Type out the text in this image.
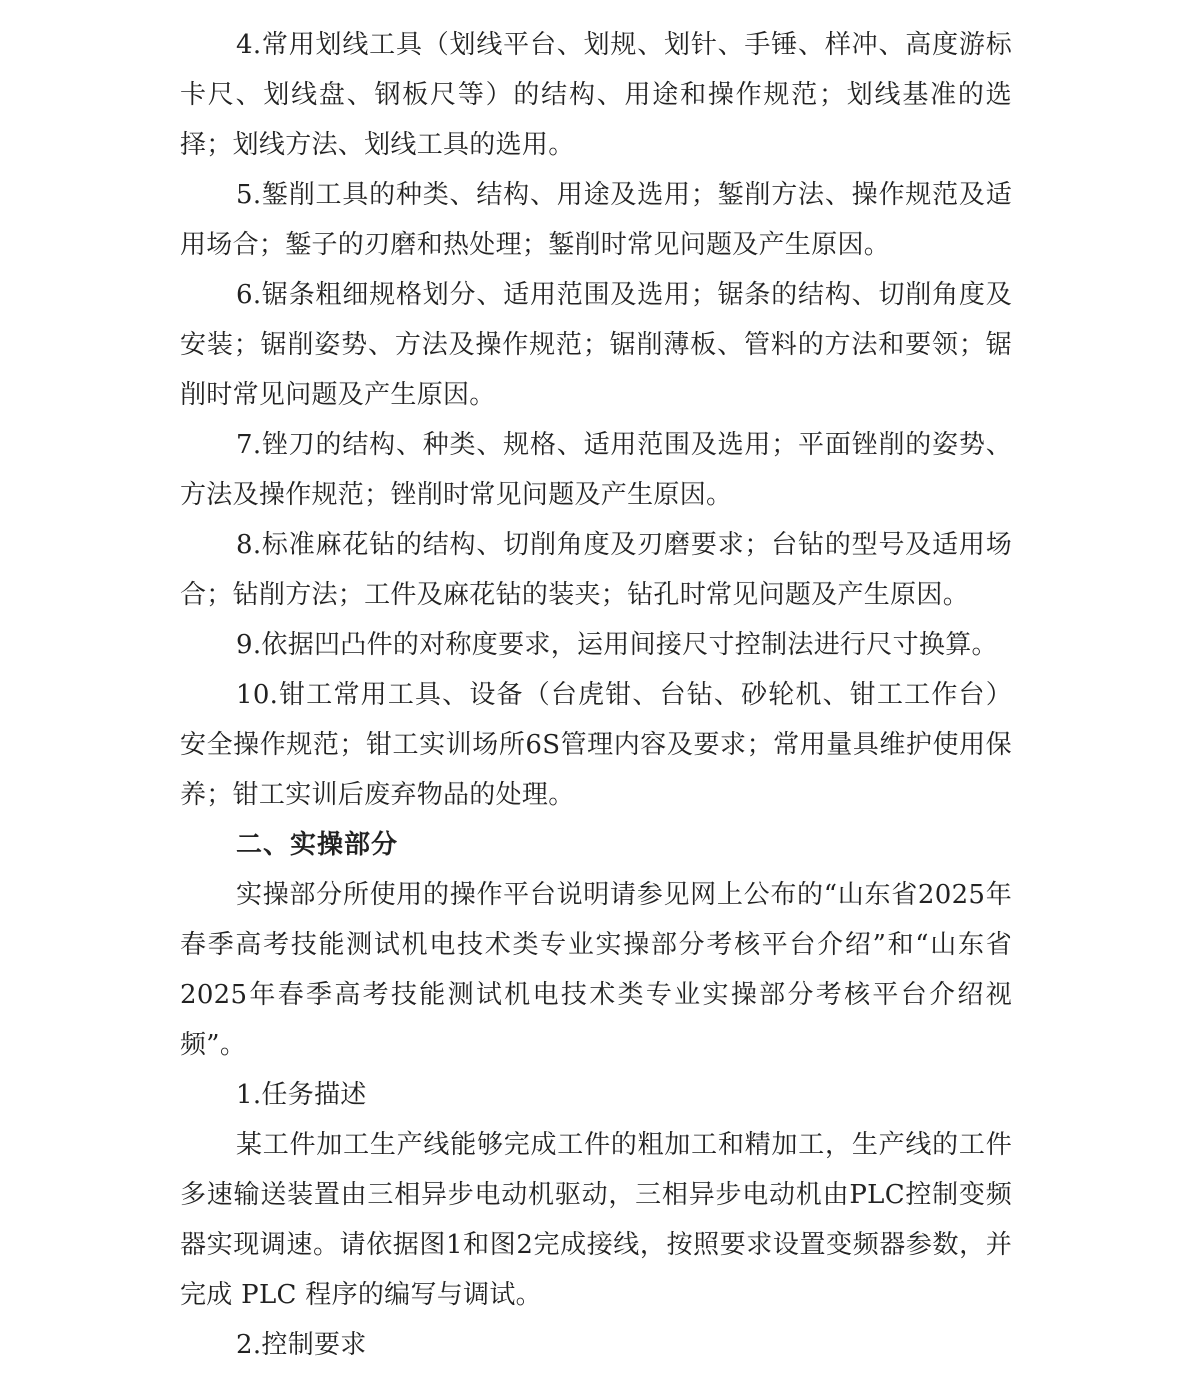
4.常用划线工具（划线平台、划规、划针、手锤、样冲、高度游标卡尺、划线盘、钢板尺等）的结构、用途和操作规范；划线基准的选择；划线方法、划线工具的选用。

5.錾削工具的种类、结构、用途及选用；錾削方法、操作规范及适用场合；錾子的刃磨和热处理；錾削时常见问题及产生原因。

6.锯条粗细规格划分、适用范围及选用；锯条的结构、切削角度及安装；锯削姿势、方法及操作规范；锯削薄板、管料的方法和要领；锯削时常见问题及产生原因。

7.锉刀的结构、种类、规格、适用范围及选用；平面锉削的姿势、方法及操作规范；锉削时常见问题及产生原因。

8.标准麻花钻的结构、切削角度及刃磨要求；台钻的型号及适用场合；钻削方法；工件及麻花钻的装夹；钻孔时常见问题及产生原因。

9.依据凹凸件的对称度要求，运用间接尺寸控制法进行尺寸换算。

10.钳工常用工具、设备（台虎钳、台钻、砂轮机、钳工工作台）安全操作规范；钳工实训场所6S管理内容及要求；常用量具维护使用保养；钳工实训后废弃物品的处理。

二、实操部分

实操部分所使用的操作平台说明请参见网上公布的“山东省2025年春季高考技能测试机电技术类专业实操部分考核平台介绍”和“山东省2025年春季高考技能测试机电技术类专业实操部分考核平台介绍视频”。

1.任务描述

某工件加工生产线能够完成工件的粗加工和精加工，生产线的工件多速输送装置由三相异步电动机驱动，三相异步电动机由PLC控制变频器实现调速。请依据图1和图2完成接线，按照要求设置变频器参数，并完成 PLC 程序的编写与调试。

2.控制要求
